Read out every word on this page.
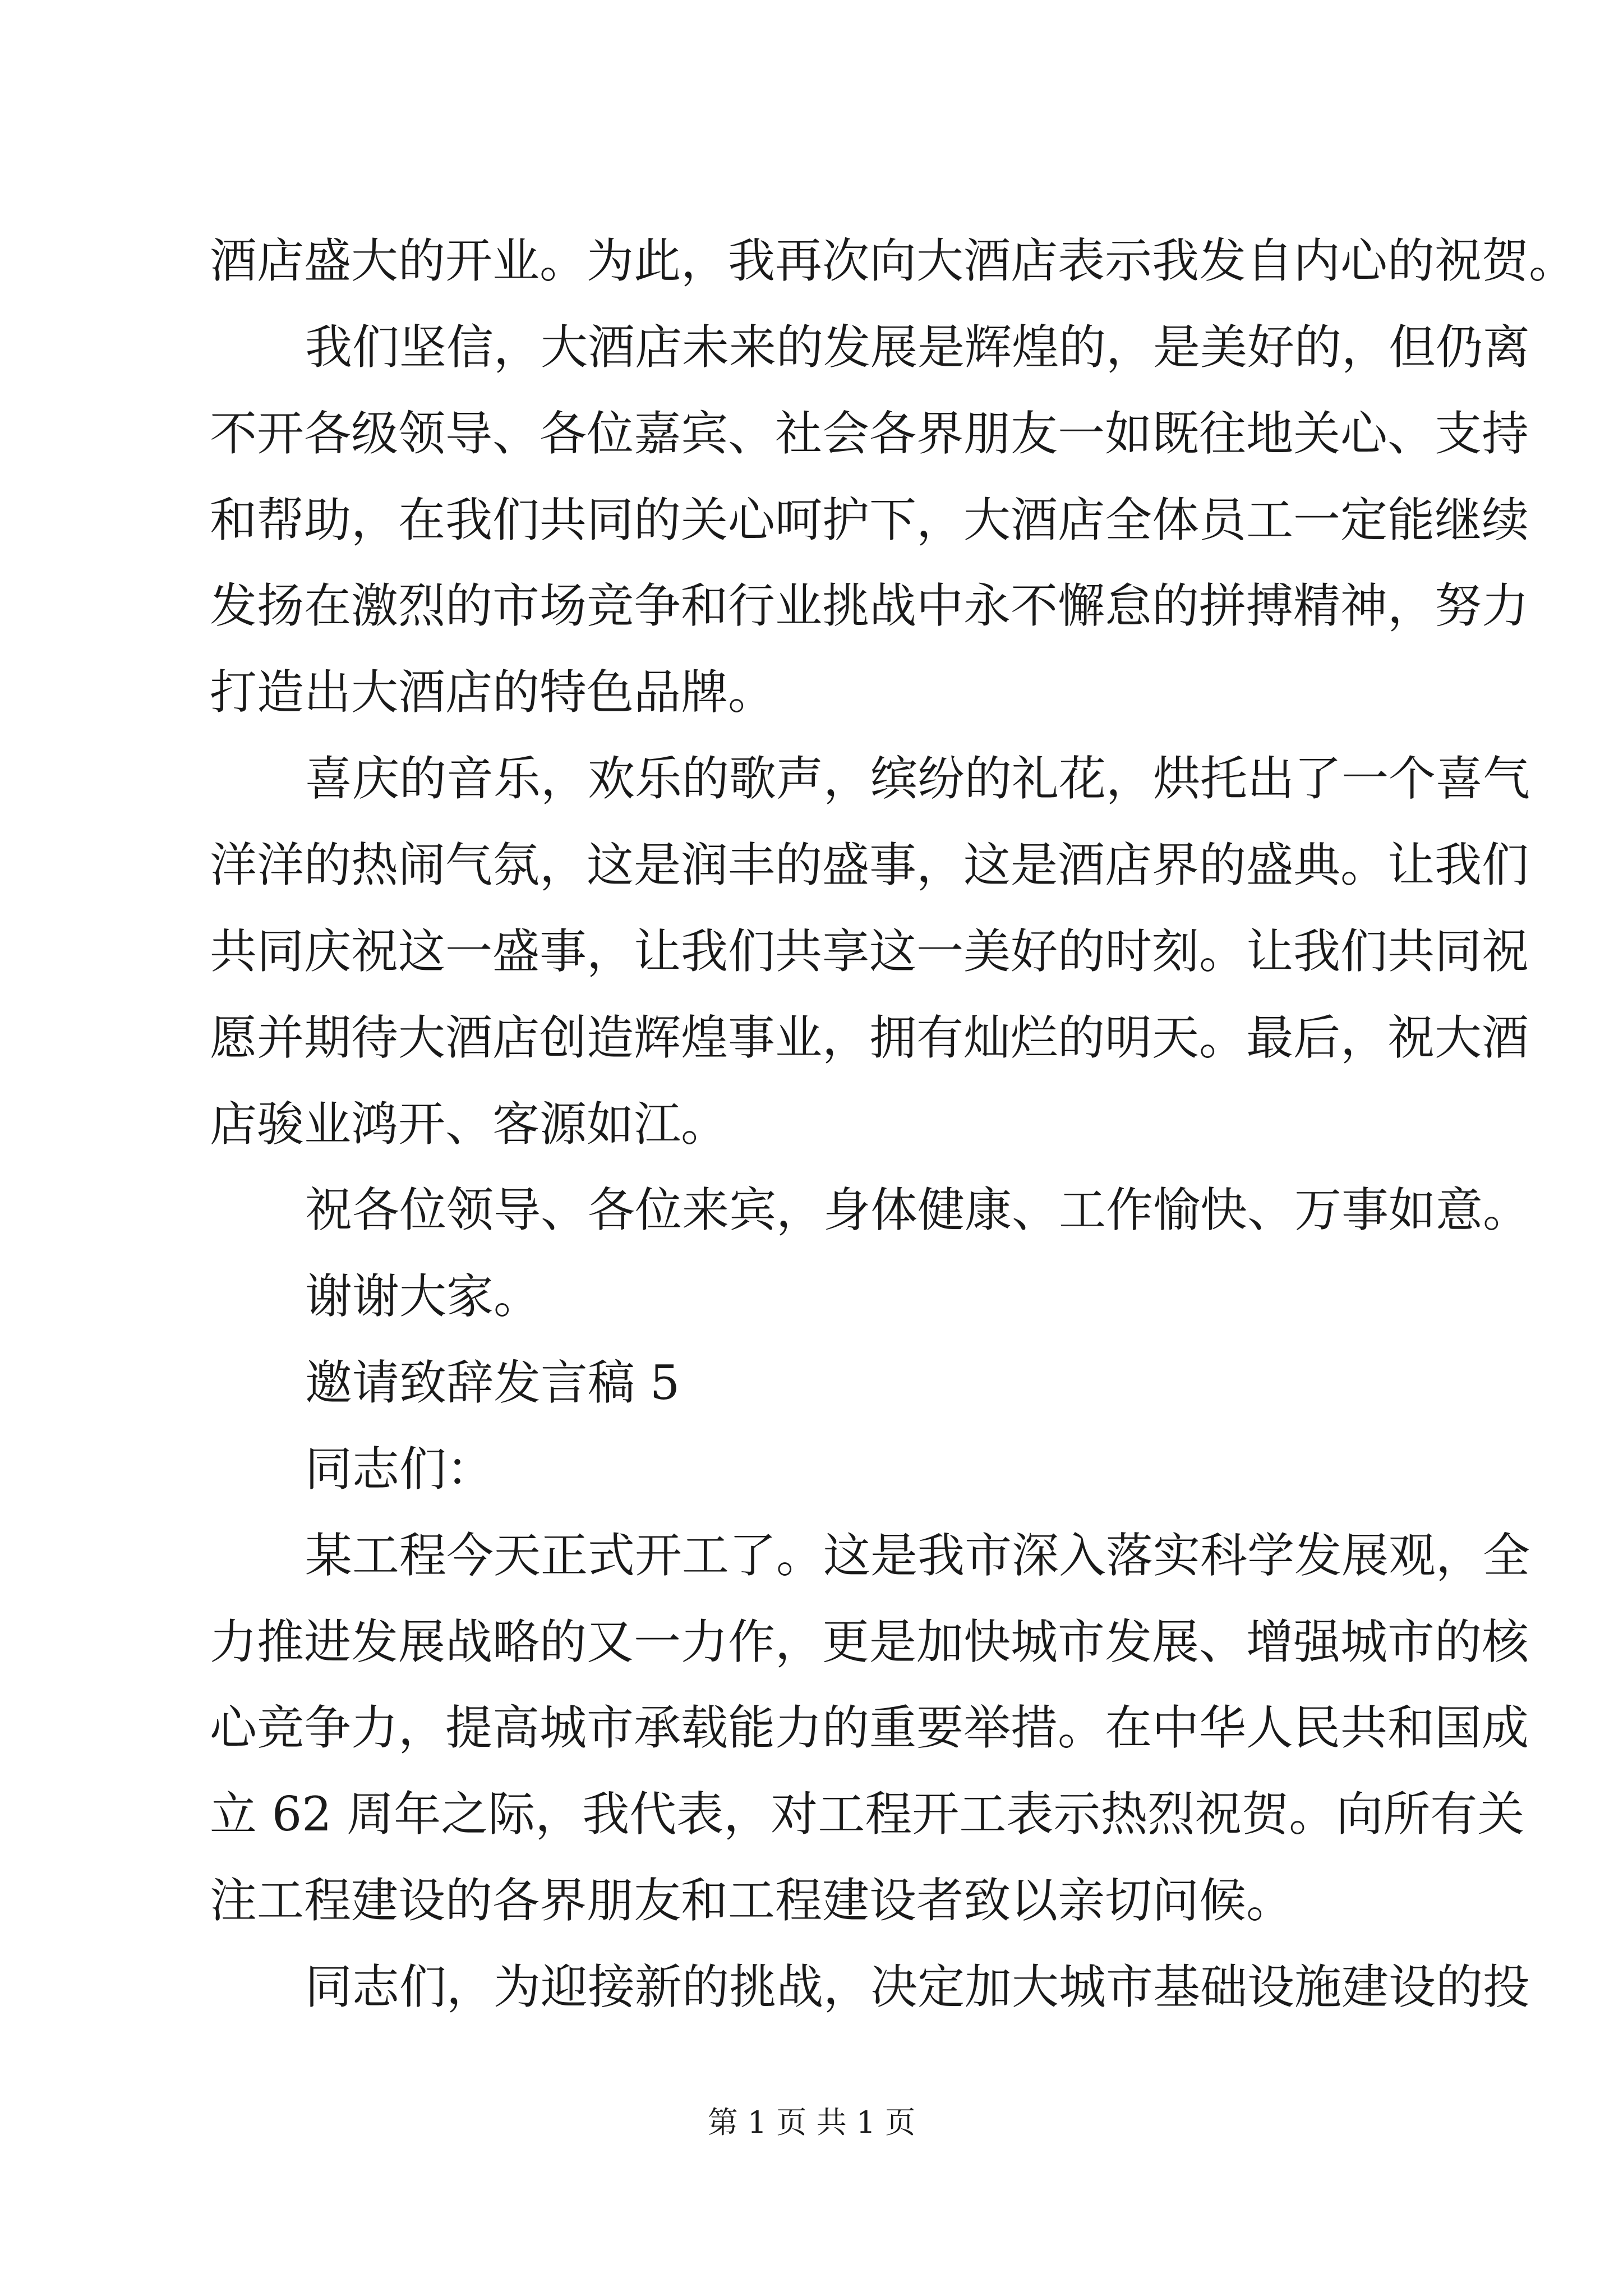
酒店盛大的开业。为此，我再次向大酒店表示我发自内心的祝贺。
我们坚信，大酒店未来的发展是辉煌的，是美好的，但仍离
不开各级领导、各位嘉宾、社会各界朋友一如既往地关心、支持
和帮助，在我们共同的关心呵护下，大酒店全体员工一定能继续
发扬在激烈的市场竞争和行业挑战中永不懈怠的拼搏精神，努力
打造出大酒店的特色品牌。
喜庆的音乐，欢乐的歌声，缤纷的礼花，烘托出了一个喜气
洋洋的热闹气氛，这是润丰的盛事，这是酒店界的盛典。让我们
共同庆祝这一盛事，让我们共享这一美好的时刻。让我们共同祝
愿并期待大酒店创造辉煌事业，拥有灿烂的明天。最后，祝大酒
店骏业鸿开、客源如江。
祝各位领导、各位来宾，身体健康、工作愉快、万事如意。
谢谢大家。
邀请致辞发言稿 5
同志们：
某工程今天正式开工了。这是我市深入落实科学发展观，全
力推进发展战略的又一力作，更是加快城市发展、增强城市的核
心竞争力，提高城市承载能力的重要举措。在中华人民共和国成
立 62 周年之际，我代表，对工程开工表示热烈祝贺。向所有关
注工程建设的各界朋友和工程建设者致以亲切问候。
同志们，为迎接新的挑战，决定加大城市基础设施建设的投
第 1 页 共 1 页
